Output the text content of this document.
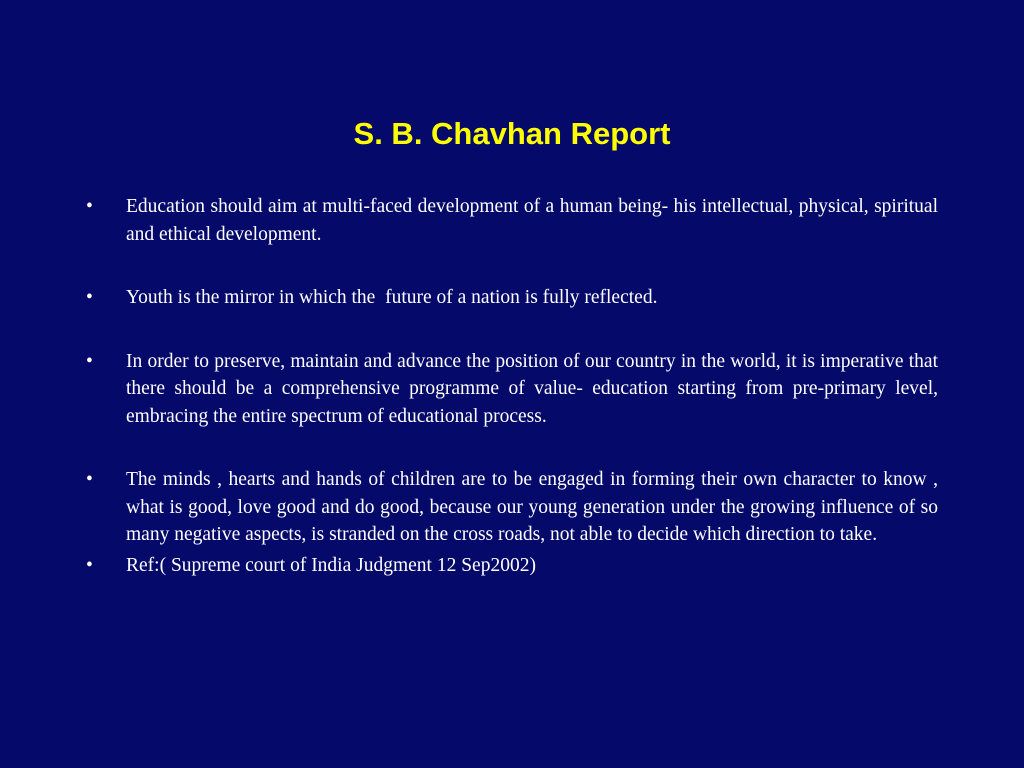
S. B. Chavhan Report
•	Education should aim at multi-faced development of a human being- his intellectual, physical, spiritual and ethical development.
•	Youth is the mirror in which the  future of a nation is fully reflected.
•	In order to preserve, maintain and advance the position of our country in the world, it is imperative that there should be a comprehensive programme of value- education starting from pre-primary level, embracing the entire spectrum of educational process.
•	The minds , hearts and hands of children are to be engaged in forming their own character to know , what is good, love good and do good, because our young generation under the growing influence of so many negative aspects, is stranded on the cross roads, not able to decide which direction to take.
•	Ref:( Supreme court of India Judgment 12 Sep2002)
